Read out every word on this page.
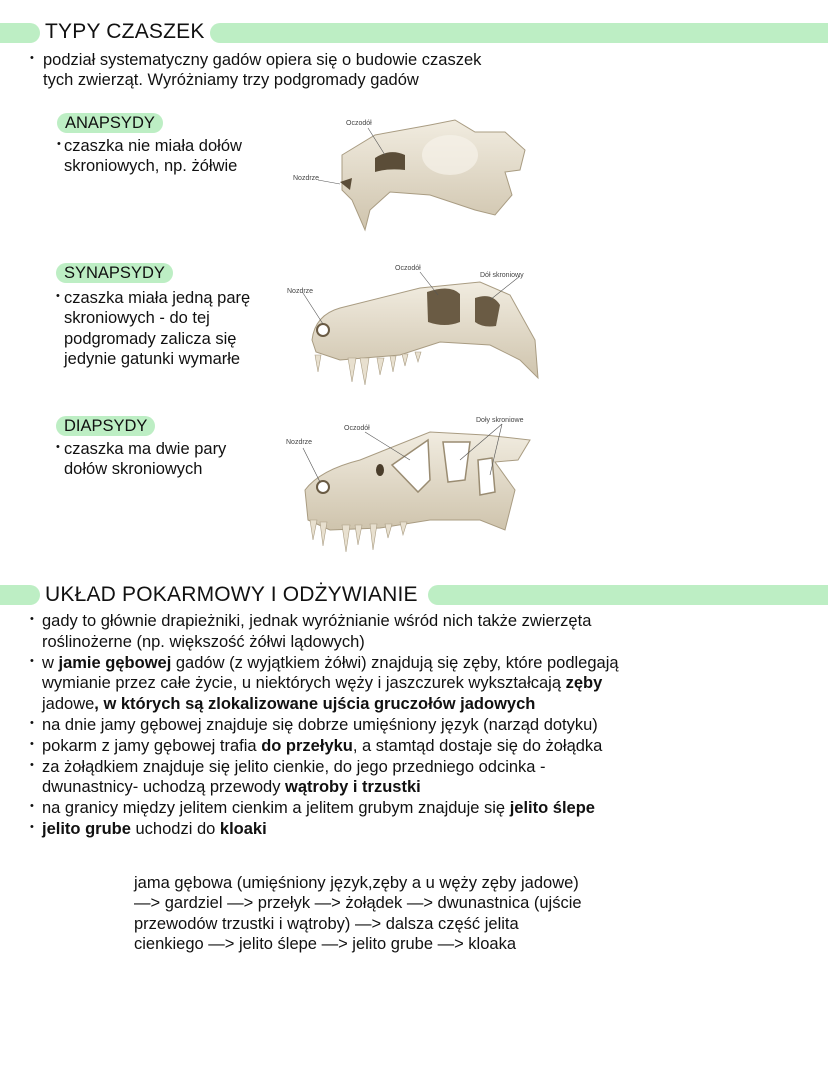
TYPY CZASZEK
• podział systematyczny gadów opiera się o budowie czaszek
tych zwierząt. Wyróżniamy trzy podgromady gadów
ANAPSYDY
• czaszka nie miała dołów
skroniowych, np. żółwie
SYNAPSYDY
• czaszka miała jedną parę
skroniowych - do tej
podgromady zalicza się
jedynie gatunki wymarłe
DIAPSYDY
• czaszka ma dwie pary
dołów skroniowych
Oczodół
Nozdrze
Oczodół
Dół skroniowy
Nozdrze
Oczodół
Doły skroniowe
Nozdrze
UKŁAD POKARMOWY I ODŻYWIANIE
• gady to głównie drapieżniki, jednak wyróżnianie wśród nich także zwierzęta
roślinożerne (np. większość żółwi lądowych)
• w jamie gębowej gadów (z wyjątkiem żółwi) znajdują się zęby, które podlegają
wymianie przez całe życie, u niektórych węży i jaszczurek wykształcają zęby
jadowe, w których są zlokalizowane ujścia gruczołów jadowych
• na dnie jamy gębowej znajduje się dobrze umięśniony język (narząd dotyku)
• pokarm z jamy gębowej trafia do przełyku, a stamtąd dostaje się do żołądka
• za żołądkiem znajduje się jelito cienkie, do jego przedniego odcinka -
dwunastnicy- uchodzą przewody wątroby i trzustki
• na granicy między jelitem cienkim a jelitem grubym znajduje się jelito ślepe
• jelito grube uchodzi do kloaki
jama gębowa (umięśniony język,zęby a u węży zęby jadowe)
—> gardziel —> przełyk —> żołądek —> dwunastnica (ujście
przewodów trzustki i wątroby) —> dalsza część jelita
cienkiego —> jelito ślepe —> jelito grube —> kloaka
